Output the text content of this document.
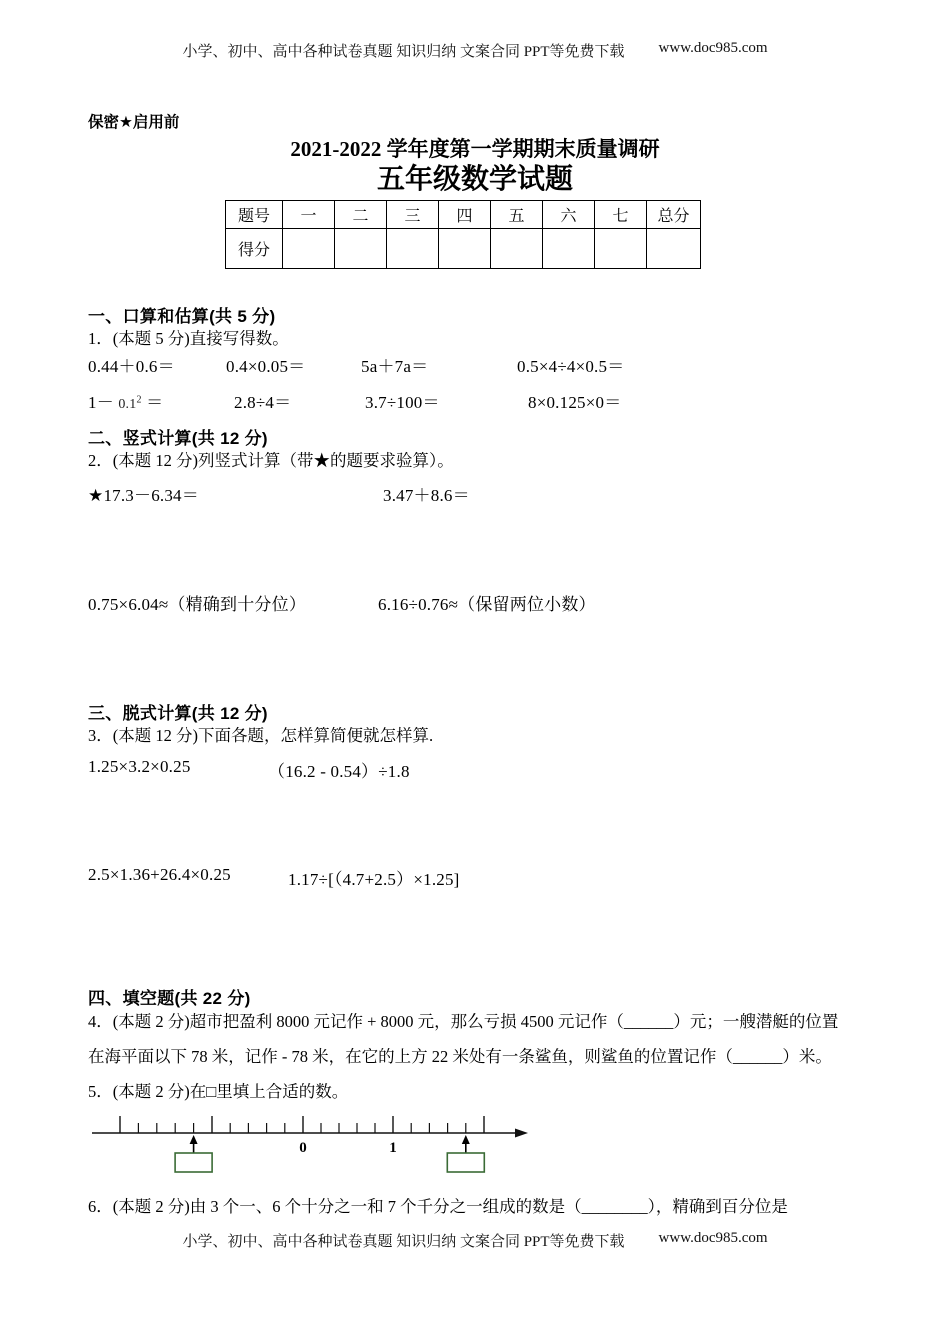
小学、初中、高中各种试卷真题 知识归纳 文案合同 PPT等免费下载 www.doc985.com
保密★启用前
2021-2022 学年度第一学期期末质量调研
五年级数学试题
题号	一	二	三	四	五	六	七	总分
得分								
一、口算和估算(共 5 分)
1．(本题 5 分)直接写得数。
0.44＋0.6＝	0.4×0.05＝	5a＋7a＝	0.5×4÷4×0.5＝
$1- 0.1^2$ ＝	2.8÷4＝	3.7÷100＝	8×0.125×0＝
二、竖式计算(共 12 分)
2．(本题 12 分)列竖式计算（带★的题要求验算）。
★17.3－6.34＝	3.47＋8.6＝
0.75×6.04≈（精确到十分位）	6.16÷0.76≈（保留两位小数）
三、脱式计算(共 12 分)
3．(本题 12 分)下面各题，怎样算简便就怎样算.
1.25×3.2×0.25	（16.2 - 0.54）÷1.8
2.5×1.36+26.4×0.25	1.17÷[（4.7+2.5）×1.25]
四、填空题(共 22 分)
4．(本题 2 分)超市把盈利 8000 元记作 + 8000 元，那么亏损 4500 元记作（______）元；一艘潜艇的位置
在海平面以下 78 米，记作 - 78 米，在它的上方 22 米处有一条鲨鱼，则鲨鱼的位置记作（______）米。
5．(本题 2 分)在□里填上合适的数。
0	1
6．(本题 2 分)由 3 个一、6 个十分之一和 7 个千分之一组成的数是（________），精确到百分位是
小学、初中、高中各种试卷真题 知识归纳 文案合同 PPT等免费下载 www.doc985.com
